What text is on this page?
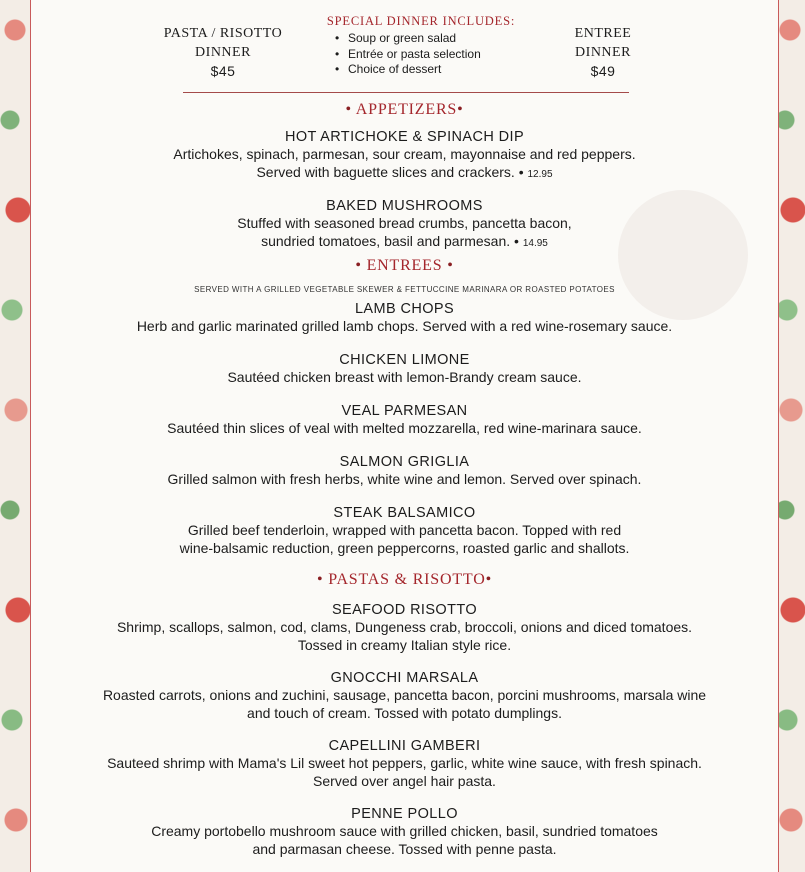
PASTA / RISOTTO
DINNER
$45
SPECIAL DINNER INCLUDES:
• Soup or green salad
• Entrée or pasta selection
• Choice of dessert
ENTREE
DINNER
$49
• APPETIZERS•
HOT ARTICHOKE & SPINACH DIP
Artichokes, spinach, parmesan, sour cream, mayonnaise and red peppers.
Served with baguette slices and crackers. • 12.95
BAKED MUSHROOMS
Stuffed with seasoned bread crumbs, pancetta bacon,
sundried tomatoes, basil and parmesan. • 14.95
• ENTREES •
SERVED WITH A GRILLED VEGETABLE SKEWER & FETTUCCINE MARINARA OR ROASTED POTATOES
LAMB CHOPS
Herb and garlic marinated grilled lamb chops. Served with a red wine-rosemary sauce.
CHICKEN LIMONE
Sautéed chicken breast with lemon-Brandy cream sauce.
VEAL PARMESAN
Sautéed thin slices of veal with melted mozzarella, red wine-marinara sauce.
SALMON GRIGLIA
Grilled salmon with fresh herbs, white wine and lemon. Served over spinach.
STEAK BALSAMICO
Grilled beef tenderloin, wrapped with pancetta bacon. Topped with red
wine-balsamic reduction, green peppercorns, roasted garlic and shallots.
• PASTAS & RISOTTO•
SEAFOOD RISOTTO
Shrimp, scallops, salmon, cod, clams, Dungeness crab, broccoli, onions and diced tomatoes.
Tossed in creamy Italian style rice.
GNOCCHI MARSALA
Roasted carrots, onions and zuchini, sausage, pancetta bacon, porcini mushrooms, marsala wine
and touch of cream. Tossed with potato dumplings.
CAPELLINI GAMBERI
Sauteed shrimp with Mama's Lil sweet hot peppers, garlic, white wine sauce, with fresh spinach.
Served over angel hair pasta.
PENNE POLLO
Creamy portobello mushroom sauce with grilled chicken, basil, sundried tomatoes
and parmasan cheese. Tossed with penne pasta.
